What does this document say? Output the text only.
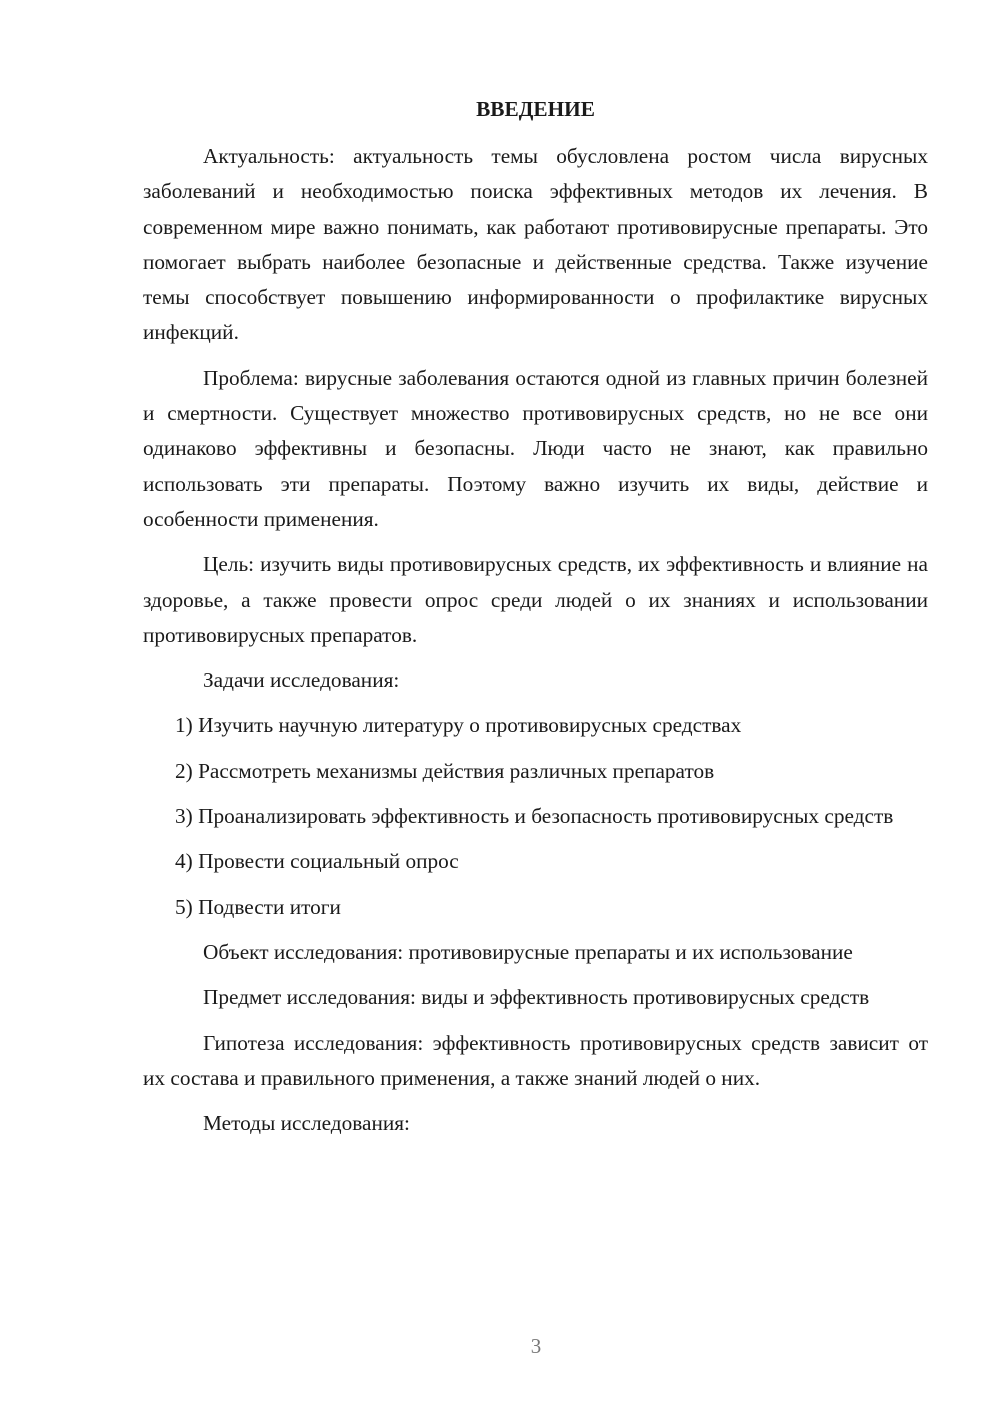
ВВЕДЕНИЕ

Актуальность: актуальность темы обусловлена ростом числа вирусных заболеваний и необходимостью поиска эффективных методов их лечения. В современном мире важно понимать, как работают противовирусные препараты. Это помогает выбрать наиболее безопасные и действенные средства. Также изучение темы способствует повышению информированности о профилактике вирусных инфекций.

Проблема: вирусные заболевания остаются одной из главных причин болезней и смертности. Существует множество противовирусных средств, но не все они одинаково эффективны и безопасны. Люди часто не знают, как правильно использовать эти препараты. Поэтому важно изучить их виды, действие и особенности применения.

Цель: изучить виды противовирусных средств, их эффективность и влияние на здоровье, а также провести опрос среди людей о их знаниях и использовании противовирусных препаратов.

Задачи исследования:

1) Изучить научную литературу о противовирусных средствах

2) Рассмотреть механизмы действия различных препаратов

3) Проанализировать эффективность и безопасность противовирусных средств

4) Провести социальный опрос

5) Подвести итоги

Объект исследования: противовирусные препараты и их использование

Предмет исследования: виды и эффективность противовирусных средств

Гипотеза исследования: эффективность противовирусных средств зависит от их состава и правильного применения, а также знаний людей о них.

Методы исследования:

3
